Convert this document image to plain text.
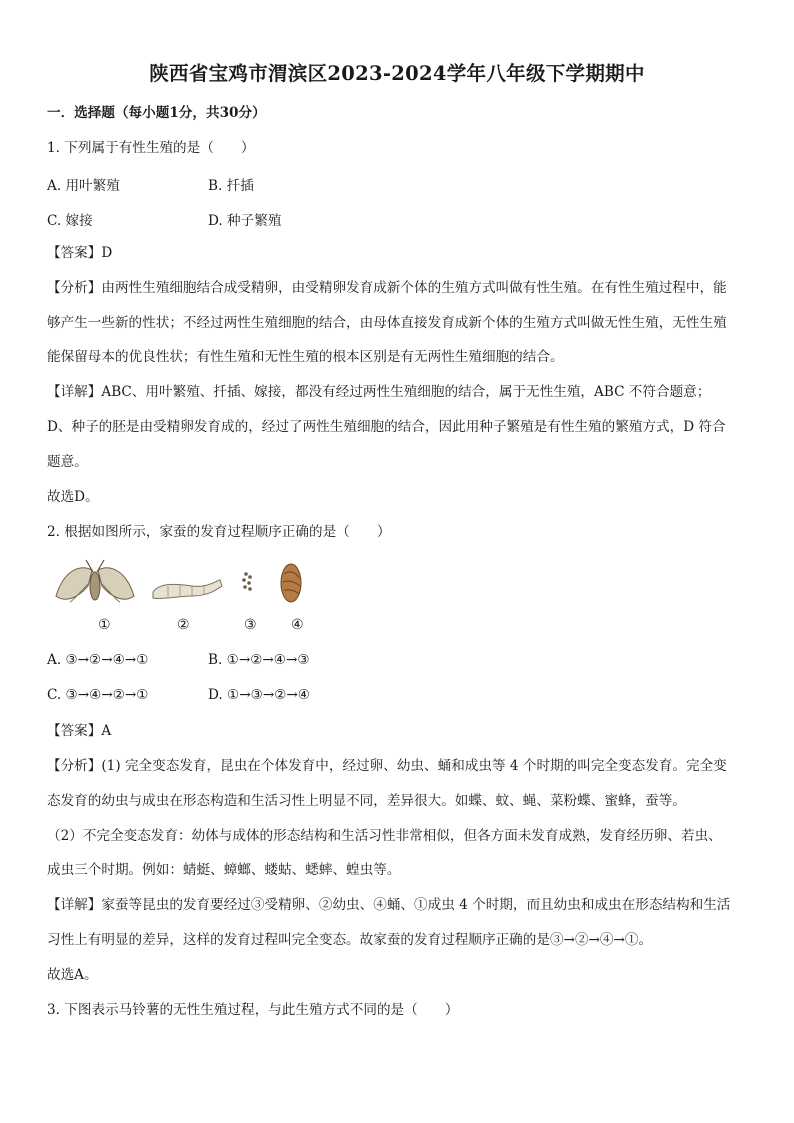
陕西省宝鸡市渭滨区2023-2024学年八年级下学期期中
一．选择题（每小题1分，共30分）
1. 下列属于有性生殖的是（　　）
A. 用叶繁殖	B. 扦插
C. 嫁接	D. 种子繁殖
【答案】D
【分析】由两性生殖细胞结合成受精卵，由受精卵发育成新个体的生殖方式叫做有性生殖。在有性生殖过程中，能
够产生一些新的性状；不经过两性生殖细胞的结合，由母体直接发育成新个体的生殖方式叫做无性生殖，无性生殖
能保留母本的优良性状；有性生殖和无性生殖的根本区别是有无两性生殖细胞的结合。
【详解】ABC、用叶繁殖、扦插、嫁接，都没有经过两性生殖细胞的结合，属于无性生殖，ABC 不符合题意；
D、种子的胚是由受精卵发育成的，经过了两性生殖细胞的结合，因此用种子繁殖是有性生殖的繁殖方式，D 符合
题意。
故选D。
2. 根据如图所示，家蚕的发育过程顺序正确的是（　　）
①	②	③ ④
A. ③→②→④→①	B. ①→②→④→③
C. ③→④→②→①	D. ①→③→②→④
【答案】A
【分析】(1) 完全变态发育，昆虫在个体发育中，经过卵、幼虫、蛹和成虫等 4 个时期的叫完全变态发育。完全变
态发育的幼虫与成虫在形态构造和生活习性上明显不同，差异很大。如蝶、蚊、蝇、菜粉蝶、蜜蜂，蚕等。
（2）不完全变态发育：幼体与成体的形态结构和生活习性非常相似，但各方面未发育成熟，发育经历卵、若虫、
成虫三个时期。例如：蜻蜓、蟑螂、蝼蛄、蟋蟀、蝗虫等。
【详解】家蚕等昆虫的发育要经过③受精卵、②幼虫、④蛹、①成虫 4 个时期，而且幼虫和成虫在形态结构和生活
习性上有明显的差异，这样的发育过程叫完全变态。故家蚕的发育过程顺序正确的是③→②→④→①。
故选A。
3. 下图表示马铃薯的无性生殖过程，与此生殖方式不同的是（　　）
